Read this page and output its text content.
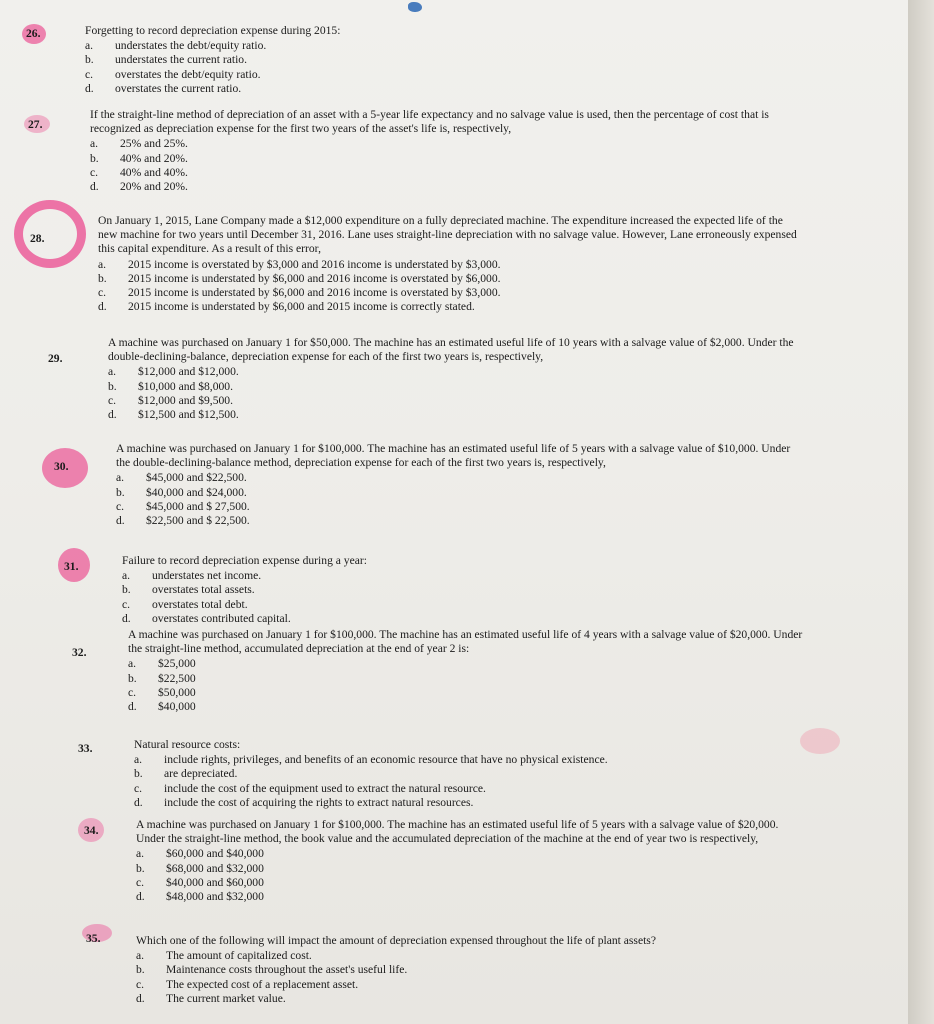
26.	Forgetting to record depreciation expense during 2015:

a. understates the debt/equity ratio.
b. understates the current ratio.
c. overstates the debt/equity ratio.
d. overstates the current ratio.
27.

If the straight-line method of depreciation of an asset with a 5-year life expectancy and no salvage value is used, then the percentage of cost that is recognized as depreciation expense for the first two years of the asset's life is, respectively,

a. 25% and 25%.
b. 40% and 20%.
c. 40% and 40%.
d. 20% and 20%.
28.

On January 1, 2015, Lane Company made a $12,000 expenditure on a fully depreciated machine. The expenditure increased the expected life of the new machine for two years until December 31, 2016. Lane uses straight-line depreciation with no salvage value. However, Lane erroneously expensed this capital expenditure. As a result of this error,

a. 2015 income is overstated by $3,000 and 2016 income is understated by $3,000.
b. 2015 income is understated by $6,000 and 2016 income is overstated by $6,000.
c. 2015 income is understated by $6,000 and 2016 income is overstated by $3,000.
d. 2015 income is understated by $6,000 and 2015 income is correctly stated.
29.

A machine was purchased on January 1 for $50,000. The machine has an estimated useful life of 10 years with a salvage value of $2,000. Under the double-declining-balance, depreciation expense for each of the first two years is, respectively,

a. $12,000 and $12,000.
b. $10,000 and $8,000.
c. $12,000 and $9,500.
d. $12,500 and $12,500.
30.

A machine was purchased on January 1 for $100,000. The machine has an estimated useful life of 5 years with a salvage value of $10,000. Under the double-declining-balance method, depreciation expense for each of the first two years is, respectively,

a. $45,000 and $22,500.
b. $40,000 and $24,000.
c. $45,000 and $ 27,500.
d. $22,500 and $ 22,500.
31.	Failure to record depreciation expense during a year:

a. understates net income.
b. overstates total assets.
c. overstates total debt.
d. overstates contributed capital.
32.

A machine was purchased on January 1 for $100,000. The machine has an estimated useful life of 4 years with a salvage value of $20,000. Under the straight-line method, accumulated depreciation at the end of year 2 is:

a. $25,000
b. $22,500
c. $50,000
d. $40,000
33.	Natural resource costs:

a. include rights, privileges, and benefits of an economic resource that have no physical existence.
b. are depreciated.
c. include the cost of the equipment used to extract the natural resource.
d. include the cost of acquiring the rights to extract natural resources.
34.	A machine was purchased on January 1 for $100,000. The machine has an estimated useful life of 5 years with a salvage value of $20,000. Under the straight-line method, the book value and the accumulated depreciation of the machine at the end of year two is respectively,

a. $60,000 and $40,000
b. $68,000 and $32,000
c. $40,000 and $60,000
d. $48,000 and $32,000
35.	Which one of the following will impact the amount of depreciation expensed throughout the life of plant assets?

a. The amount of capitalized cost.
b. Maintenance costs throughout the asset's useful life.
c. The expected cost of a replacement asset.
d. The current market value.
